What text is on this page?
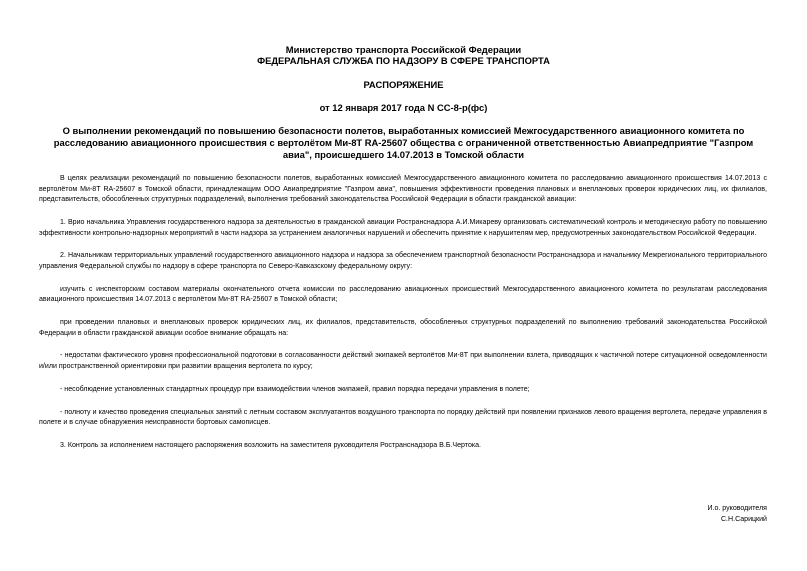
Министерство транспорта Российской Федерации
ФЕДЕРАЛЬНАЯ СЛУЖБА ПО НАДЗОРУ В СФЕРЕ ТРАНСПОРТА
РАСПОРЯЖЕНИЕ
от 12 января 2017 года N СС-8-р(фс)
О выполнении рекомендаций по повышению безопасности полетов, выработанных комиссией Межгосударственного авиационного комитета по расследованию авиационного происшествия с вертолётом Ми-8Т RA-25607 общества с ограниченной ответственностью Авиапредприятие "Газпром авиа", происшедшего 14.07.2013 в Томской области

В целях реализации рекомендаций по повышению безопасности полетов, выработанных комиссией Межгосударственного авиационного комитета по расследованию авиационного происшествия 14.07.2013 с вертолётом Ми-8Т RA-25607 в Томской области, принадлежащим ООО Авиапредприятие "Газпром авиа", повышения эффективности проведения плановых и внеплановых проверок юридических лиц, их филиалов, представительств, обособленных структурных подразделений, выполнения требований законодательства Российской Федерации в области гражданской авиации:

1. Врио начальника Управления государственного надзора за деятельностью в гражданской авиации Ространснадзора А.И.Микареву организовать систематический контроль и методическую работу по повышению эффективности контрольно-надзорных мероприятий в части надзора за устранением аналогичных нарушений и обеспечить принятие к нарушителям мер, предусмотренных законодательством Российской Федерации.

2. Начальникам территориальных управлений государственного авиационного надзора и надзора за обеспечением транспортной безопасности Ространснадзора и начальнику Межрегионального территориального управления Федеральной службы по надзору в сфере транспорта по Северо-Кавказскому федеральному округу:

изучить с инспекторским составом материалы окончательного отчета комиссии по расследованию авиационных происшествий Межгосударственного авиационного комитета по результатам расследования авиационного происшествия 14.07.2013 с вертолётом Ми-8Т RA-25607 в Томской области;

при проведении плановых и внеплановых проверок юридических лиц, их филиалов, представительств, обособленных структурных подразделений по выполнению требований законодательства Российской Федерации в области гражданской авиации особое внимание обращать на:

- недостатки фактического уровня профессиональной подготовки в согласованности действий экипажей вертолётов Ми-8Т при выполнении взлета, приводящих к частичной потере ситуационной осведомленности и/или пространственной ориентировки при развитии вращения вертолета по курсу;

- несоблюдение установленных стандартных процедур при взаимодействии членов экипажей, правил порядка передачи управления в полете;

- полноту и качество проведения специальных занятий с летным составом эксплуатантов воздушного транспорта по порядку действий при появлении признаков левого вращения вертолета, передаче управления в полете и в случае обнаружения неисправности бортовых самописцев.

3. Контроль за исполнением настоящего распоряжения возложить на заместителя руководителя Ространснадзора В.Б.Чертока.

И.о. руководителя
С.Н.Сарицкий
